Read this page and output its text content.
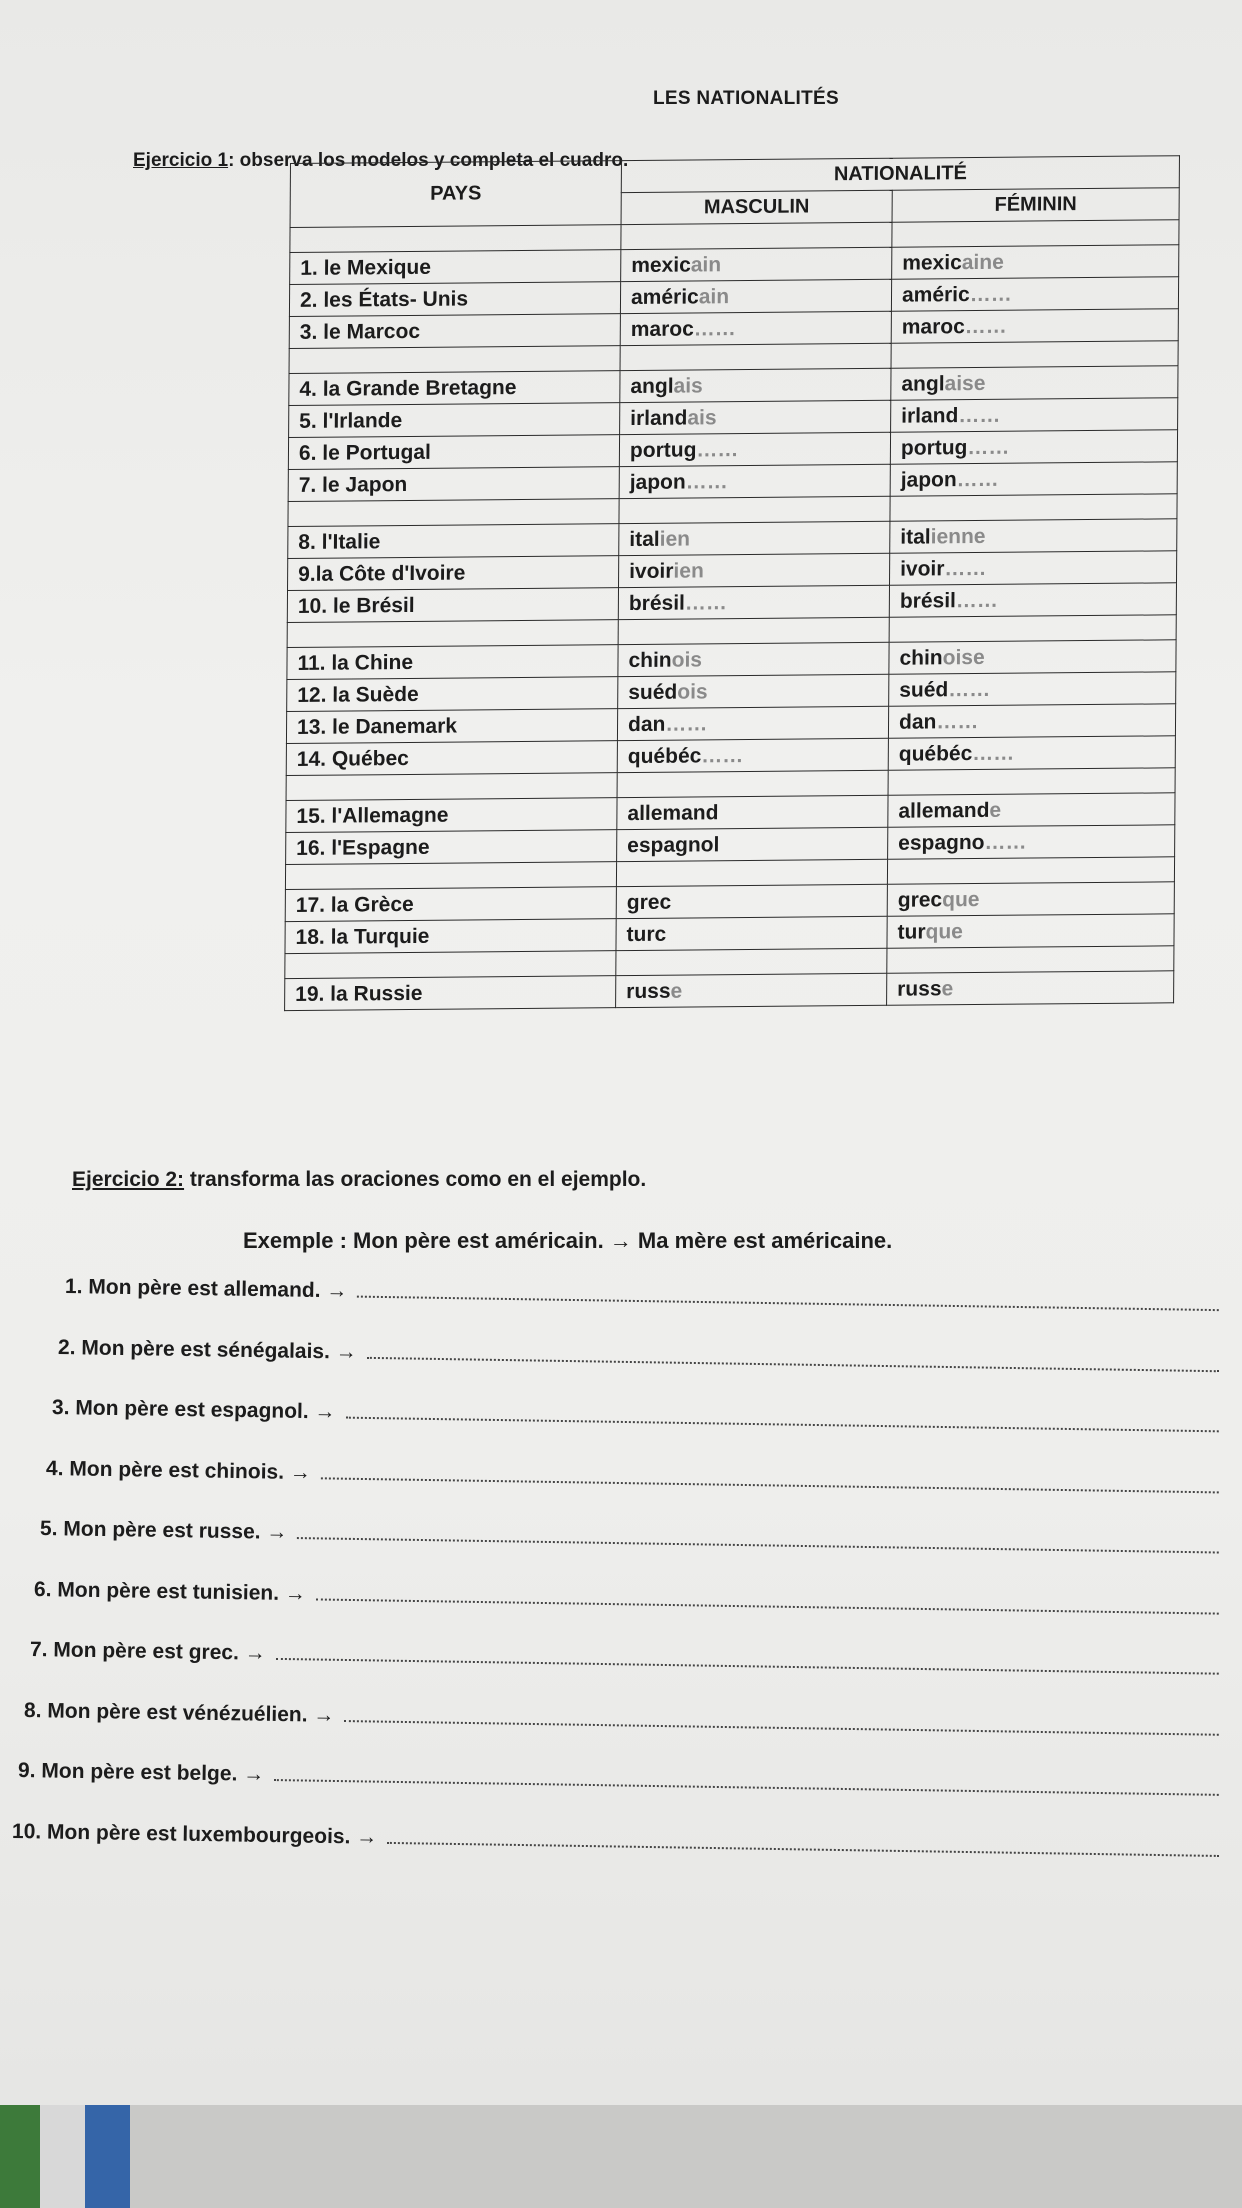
LES NATIONALITÉS
Ejercicio 1: observa los modelos y completa el cuadro.
PAYS	NATIONALITÉ	
	MASCULIN	FÉMININ

1. le Mexique	mexicain	mexicaine
2. les États- Unis	américain	améric……
3. le Marcoc	maroc……	maroc……

4. la Grande Bretagne	anglais	anglaise
5. l'Irlande	irlandais	irland……
6. le Portugal	portug……	portug……
7. le Japon	japon……	japon……

8. l'Italie	italien	italienne
9.la Côte d'Ivoire	ivoirien	ivoir……
10. le Brésil	brésil……	brésil……

11. la Chine	chinois	chinoise
12. la Suède	suédois	suéd……
13. le Danemark	dan……	dan……
14. Québec	québéc……	québéc……

15. l'Allemagne	allemand	allemande
16. l'Espagne	espagnol	espagno……

17. la Grèce	grec	grecque
18. la Turquie	turc	turque

19. la Russie	russe	russe
Ejercicio 2: transforma las oraciones como en el ejemplo.
Exemple : Mon père est américain. → Ma mère est américaine.
1. Mon père est allemand. →
2. Mon père est sénégalais. →
3. Mon père est espagnol. →
4. Mon père est chinois. →
5. Mon père est russe. →
6. Mon père est tunisien. →
7. Mon père est grec. →
8. Mon père est vénézuélien. →
9. Mon père est belge. →
10. Mon père est luxembourgeois. →
